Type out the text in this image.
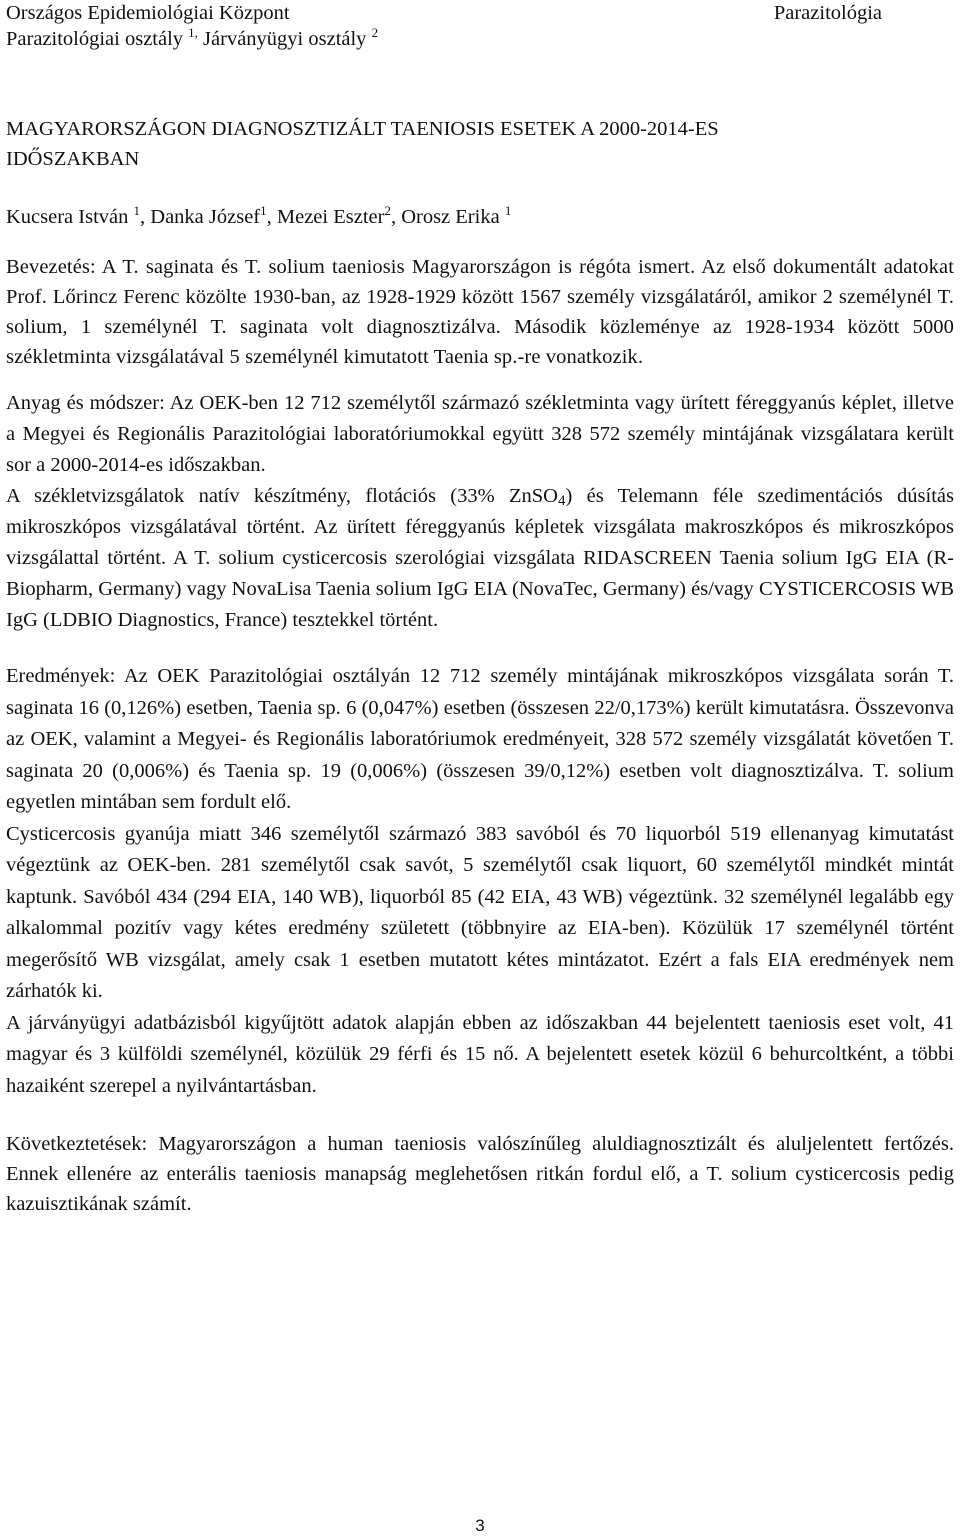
Országos Epidemiológiai Központ
Parazitológiai osztály $^{1,}$ Járványügyi osztály $^2$
Parazitológia
MAGYARORSZÁGON DIAGNOSZTIZÁLT TAENIOSIS ESETEK A 2000-2014-ES
IDŐSZAKBAN
Kucsera István $^1$, Danka József$^1$, Mezei Eszter$^2$, Orosz Erika $^1$

Bevezetés: A T. saginata és T. solium taeniosis Magyarországon is régóta ismert. Az első dokumentált adatokat Prof. Lőrincz Ferenc közölte 1930-ban, az 1928-1929 között 1567 személy vizsgálatáról, amikor 2 személynél T. solium, 1 személynél T. saginata volt diagnosztizálva. Második közleménye az 1928-1934 között 5000 székletminta vizsgálatával 5 személynél kimutatott Taenia sp.-re vonatkozik.

Anyag és módszer: Az OEK-ben 12 712 személytől származó székletminta vagy ürített féreggyanús képlet, illetve a Megyei és Regionális Parazitológiai laboratóriumokkal együtt 328 572 személy mintájának vizsgálatara került sor a 2000-2014-es időszakban.

A székletvizsgálatok natív készítmény, flotációs (33% ZnSO$_4$) és Telemann féle szedimentációs dúsítás mikroszkópos vizsgálatával történt. Az ürített féreggyanús képletek vizsgálata makroszkópos és mikroszkópos vizsgálattal történt. A T. solium cysticercosis szerológiai vizsgálata RIDASCREEN Taenia solium IgG EIA (R-Biopharm, Germany) vagy NovaLisa Taenia solium IgG EIA (NovaTec, Germany) és/vagy CYSTICERCOSIS WB IgG (LDBIO Diagnostics, France) tesztekkel történt.

Eredmények: Az OEK Parazitológiai osztályán 12 712 személy mintájának mikroszkópos vizsgálata során T. saginata 16 (0,126%) esetben, Taenia sp. 6 (0,047%) esetben (összesen 22/0,173%) került kimutatásra. Összevonva az OEK, valamint a Megyei- és Regionális laboratóriumok eredményeit, 328 572 személy vizsgálatát követően T. saginata 20 (0,006%) és Taenia sp. 19 (0,006%) (összesen 39/0,12%) esetben volt diagnosztizálva. T. solium egyetlen mintában sem fordult elő.

Cysticercosis gyanúja miatt 346 személytől származó 383 savóból és 70 liquorból 519 ellenanyag kimutatást végeztünk az OEK-ben. 281 személytől csak savót, 5 személytől csak liquort, 60 személytől mindkét mintát kaptunk. Savóból 434 (294 EIA, 140 WB), liquorból 85 (42 EIA, 43 WB) végeztünk. 32 személynél legalább egy alkalommal pozitív vagy kétes eredmény született (többnyire az EIA-ben). Közülük 17 személynél történt megerősítő WB vizsgálat, amely csak 1 esetben mutatott kétes mintázatot. Ezért a fals EIA eredmények nem zárhatók ki.

A járványügyi adatbázisból kigyűjtött adatok alapján ebben az időszakban 44 bejelentett taeniosis eset volt, 41 magyar és 3 külföldi személynél, közülük 29 férfi és 15 nő. A bejelentett esetek közül 6 behurcoltként, a többi hazaiként szerepel a nyilvántartásban.

Következtetések: Magyarországon a human taeniosis valószínűleg aluldiagnosztizált és aluljelentett fertőzés. Ennek ellenére az enterális taeniosis manapság meglehetősen ritkán fordul elő, a T. solium cysticercosis pedig kazuisztikának számít.

3
